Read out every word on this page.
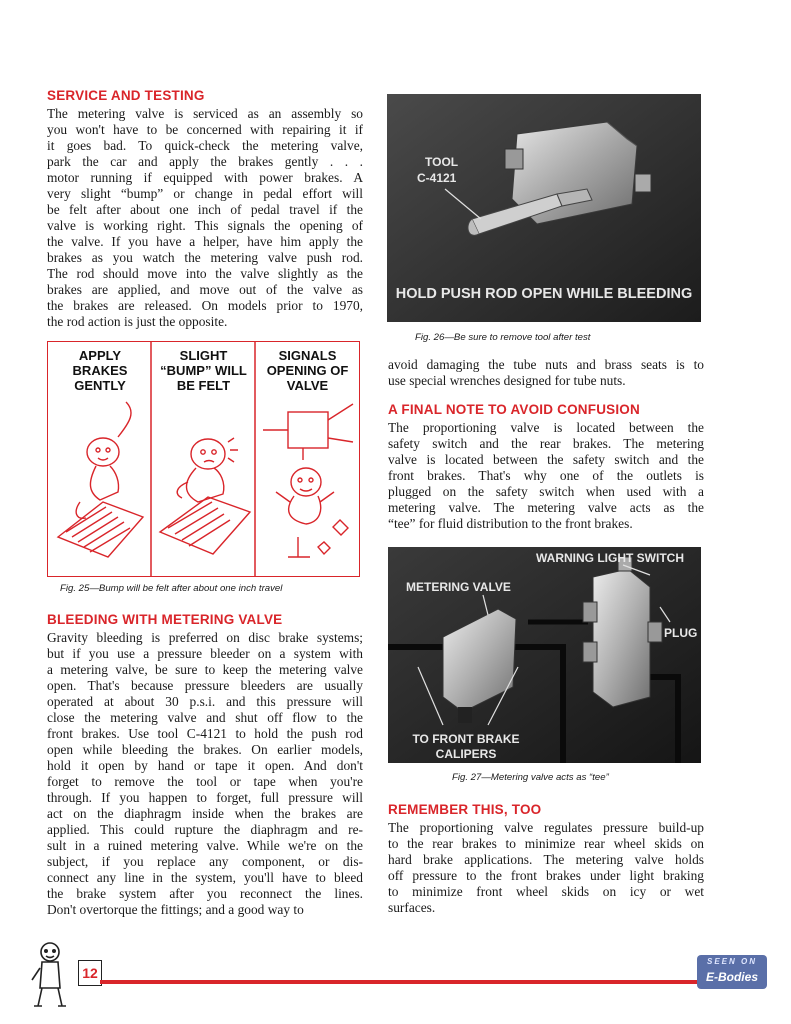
SERVICE AND TESTING
The metering valve is serviced as an assembly so
you won't have to be concerned with repairing it if
it goes bad. To quick-check the metering valve,
park the car and apply the brakes gently . . .
motor running if equipped with power brakes. A
very slight “bump” or change in pedal effort will
be felt after about one inch of pedal travel if the
valve is working right. This signals the opening of
the valve. If you have a helper, have him apply the
brakes as you watch the metering valve push rod.
The rod should move into the valve slightly as the
brakes are applied, and move out of the valve as
the brakes are released. On models prior to 1970,
the rod action is just the opposite.
APPLY
BRAKES
GENTLY
SLIGHT
“BUMP” WILL
BE FELT
SIGNALS
OPENING OF
VALVE
Fig. 25—Bump will be felt after about one inch travel
BLEEDING WITH METERING VALVE
Gravity bleeding is preferred on disc brake systems;
but if you use a pressure bleeder on a system with
a metering valve, be sure to keep the metering valve
open. That's because pressure bleeders are usually
operated at about 30 p.s.i. and this pressure will
close the metering valve and shut off flow to the
front brakes. Use tool C-4121 to hold the push rod
open while bleeding the brakes. On earlier models,
hold it open by hand or tape it open. And don't
forget to remove the tool or tape when you're
through. If you happen to forget, full pressure will
act on the diaphragm inside when the brakes are
applied. This could rupture the diaphragm and re-
sult in a ruined metering valve. While we're on the
subject, if you replace any component, or dis-
connect any line in the system, you'll have to bleed
the brake system after you reconnect the lines.
Don't overtorque the fittings; and a good way to
TOOL
C-4121
HOLD PUSH ROD OPEN WHILE BLEEDING
Fig. 26—Be sure to remove tool after test
avoid damaging the tube nuts and brass seats is to
use special wrenches designed for tube nuts.
A FINAL NOTE TO AVOID CONFUSION
The proportioning valve is located between the
safety switch and the rear brakes. The metering
valve is located between the safety switch and the
front brakes. That's why one of the outlets is
plugged on the safety switch when used with a
metering valve. The metering valve acts as the
“tee” for fluid distribution to the front brakes.
WARNING LIGHT SWITCH
METERING VALVE
PLUG
TO FRONT BRAKE
CALIPERS
Fig. 27—Metering valve acts as “tee”
REMEMBER THIS, TOO
The proportioning valve regulates pressure build-up
to the rear brakes to minimize rear wheel skids on
hard brake applications. The metering valve holds
off pressure to the front brakes under light braking
to minimize front wheel skids on icy or wet
surfaces.
12
SEEN ON
E-Bodies
